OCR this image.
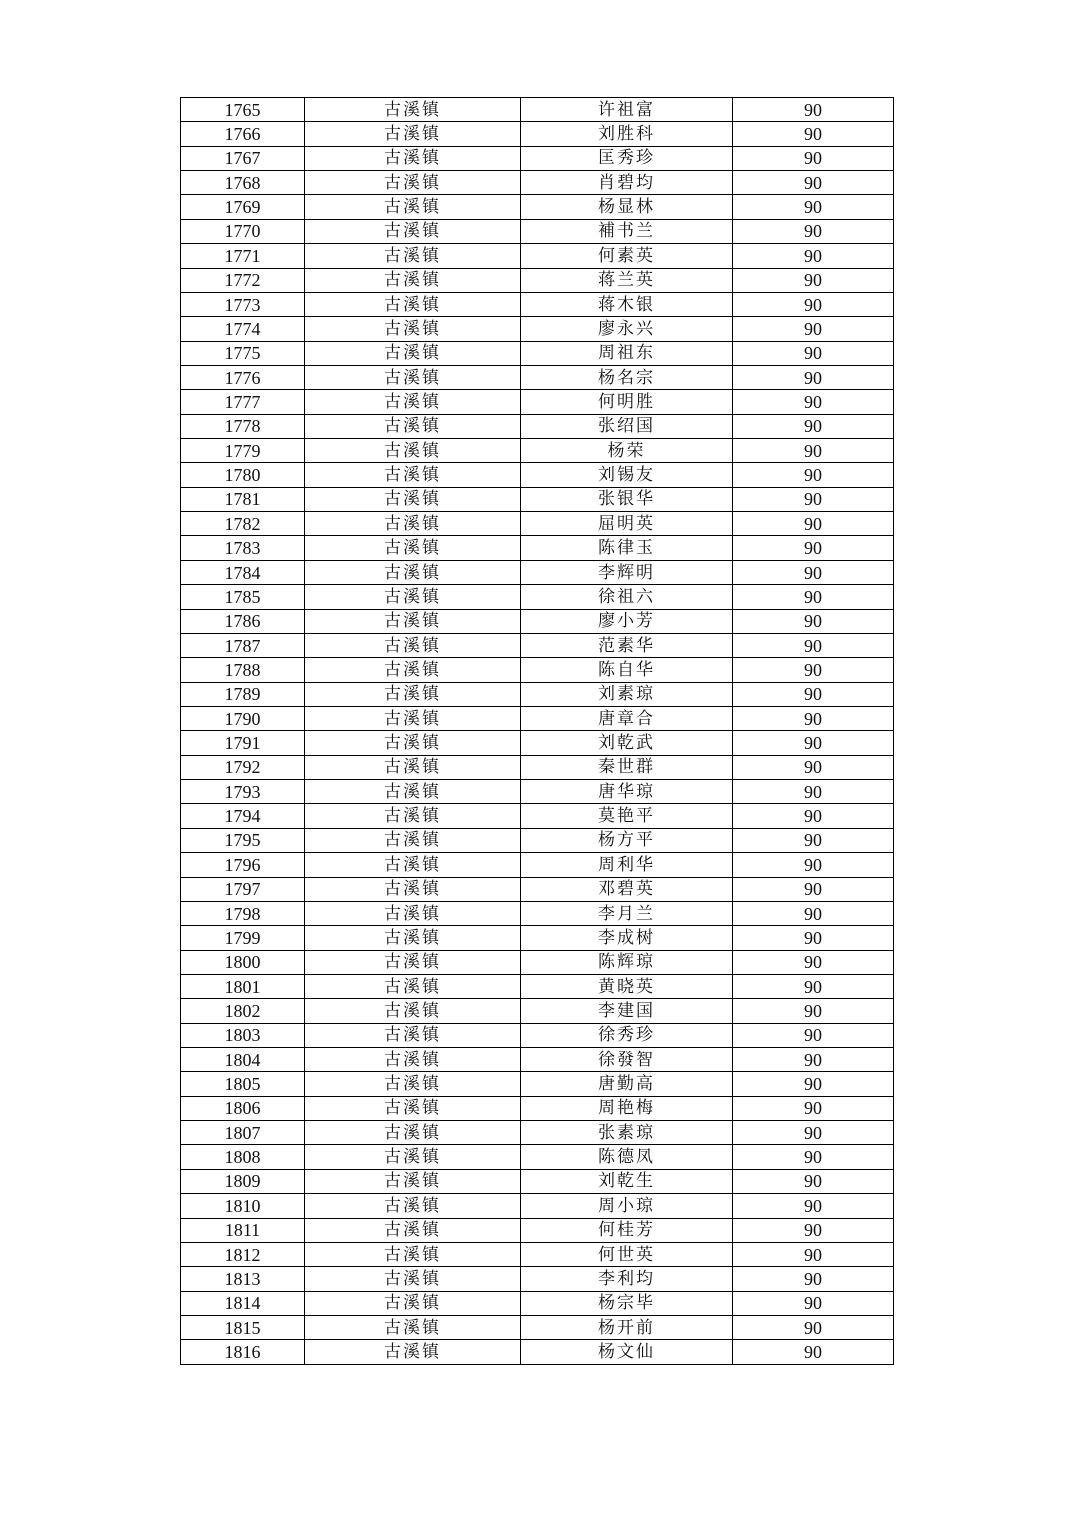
1765	古溪镇	许祖富	90
1766	古溪镇	刘胜科	90
1767	古溪镇	匡秀珍	90
1768	古溪镇	肖碧均	90
1769	古溪镇	杨显林	90
1770	古溪镇	補书兰	90
1771	古溪镇	何素英	90
1772	古溪镇	蒋兰英	90
1773	古溪镇	蒋木银	90
1774	古溪镇	廖永兴	90
1775	古溪镇	周祖东	90
1776	古溪镇	杨名宗	90
1777	古溪镇	何明胜	90
1778	古溪镇	张绍国	90
1779	古溪镇	杨荣	90
1780	古溪镇	刘锡友	90
1781	古溪镇	张银华	90
1782	古溪镇	屈明英	90
1783	古溪镇	陈律玉	90
1784	古溪镇	李辉明	90
1785	古溪镇	徐祖六	90
1786	古溪镇	廖小芳	90
1787	古溪镇	范素华	90
1788	古溪镇	陈自华	90
1789	古溪镇	刘素琼	90
1790	古溪镇	唐章合	90
1791	古溪镇	刘乾武	90
1792	古溪镇	秦世群	90
1793	古溪镇	唐华琼	90
1794	古溪镇	莫艳平	90
1795	古溪镇	杨方平	90
1796	古溪镇	周利华	90
1797	古溪镇	邓碧英	90
1798	古溪镇	李月兰	90
1799	古溪镇	李成树	90
1800	古溪镇	陈辉琼	90
1801	古溪镇	黄晓英	90
1802	古溪镇	李建国	90
1803	古溪镇	徐秀珍	90
1804	古溪镇	徐發智	90
1805	古溪镇	唐勤高	90
1806	古溪镇	周艳梅	90
1807	古溪镇	张素琼	90
1808	古溪镇	陈德凤	90
1809	古溪镇	刘乾生	90
1810	古溪镇	周小琼	90
1811	古溪镇	何桂芳	90
1812	古溪镇	何世英	90
1813	古溪镇	李利均	90
1814	古溪镇	杨宗毕	90
1815	古溪镇	杨开前	90
1816	古溪镇	杨文仙	90
